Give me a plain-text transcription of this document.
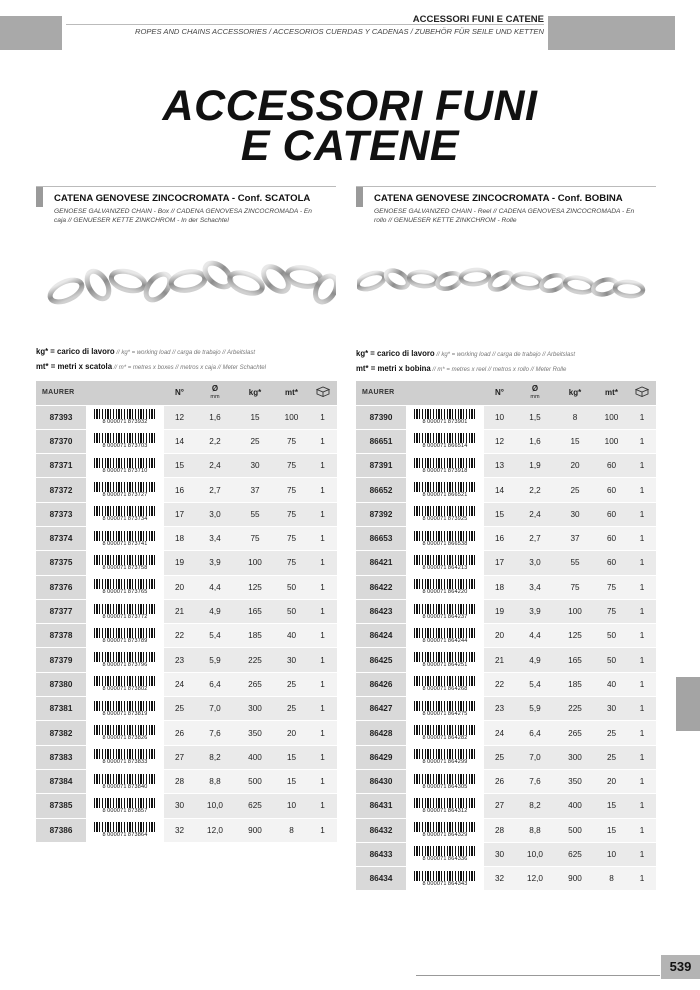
ACCESSORI FUNI E CATENE
ROPES AND CHAINS ACCESSORIES / ACCESORIOS CUERDAS Y CADENAS / ZUBEHÖR FÜR SEILE UND KETTEN
ACCESSORI FUNI
E CATENE
CATENA GENOVESE ZINCOCROMATA - Conf. SCATOLA
GENOESE GALVANIZED CHAIN - Box // CADENA GENOVESA ZINCOCROMADA - En caja // GENUESER KETTE ZINKCHROM - In der Schachtel
CATENA GENOVESE ZINCOCROMATA - Conf. BOBINA
GENOESE GALVANIZED CHAIN - Reel // CADENA GENOVESA ZINCOCROMADA - En rollo // GENUESER KETTE ZINKCHROM - Rolle
kg* = carico di lavoro // kg* = working load // carga de trabajo // Arbeitslast
mt* = metri x scatola // m* = metres x boxes // metros x caja // Meter Schachtel
kg* = carico di lavoro // kg* = working load // carga de trabajo // Arbeitslast
mt* = metri x bobina // m* = metres x reel // metros x rollo // Meter Rolle
MAURER		N°	Ø
mm	kg*	mt*	
87393	8 000071 873932	12	1,6	15	100	1
87370	8 000071 873703	14	2,2	25	75	1
87371	8 000071 873710	15	2,4	30	75	1
87372	8 000071 873727	16	2,7	37	75	1
87373	8 000071 873734	17	3,0	55	75	1
87374	8 000071 873741	18	3,4	75	75	1
87375	8 000071 873758	19	3,9	100	75	1
87376	8 000071 873765	20	4,4	125	50	1
87377	8 000071 873772	21	4,9	165	50	1
87378	8 000071 873789	22	5,4	185	40	1
87379	8 000071 873796	23	5,9	225	30	1
87380	8 000071 873802	24	6,4	265	25	1
87381	8 000071 873819	25	7,0	300	25	1
87382	8 000071 873826	26	7,6	350	20	1
87383	8 000071 873833	27	8,2	400	15	1
87384	8 000071 873840	28	8,8	500	15	1
87385	8 000071 873857	30	10,0	625	10	1
87386	8 000071 873864	32	12,0	900	8	1
MAURER		N°	Ø
mm	kg*	mt*	
87390	8 000071 873901	10	1,5	8	100	1
86651	8 000071 866514	12	1,6	15	100	1
87391	8 000071 873918	13	1,9	20	60	1
86652	8 000071 866521	14	2,2	25	60	1
87392	8 000071 873925	15	2,4	30	60	1
86653	8 000071 866538	16	2,7	37	60	1
86421	8 000071 864213	17	3,0	55	60	1
86422	8 000071 864220	18	3,4	75	75	1
86423	8 000071 864237	19	3,9	100	75	1
86424	8 000071 864244	20	4,4	125	50	1
86425	8 000071 864251	21	4,9	165	50	1
86426	8 000071 864268	22	5,4	185	40	1
86427	8 000071 864275	23	5,9	225	30	1
86428	8 000071 864282	24	6,4	265	25	1
86429	8 000071 864299	25	7,0	300	25	1
86430	8 000071 864305	26	7,6	350	20	1
86431	8 000071 864312	27	8,2	400	15	1
86432	8 000071 864329	28	8,8	500	15	1
86433	8 000071 864336	30	10,0	625	10	1
86434	8 000071 864343	32	12,0	900	8	1
539
